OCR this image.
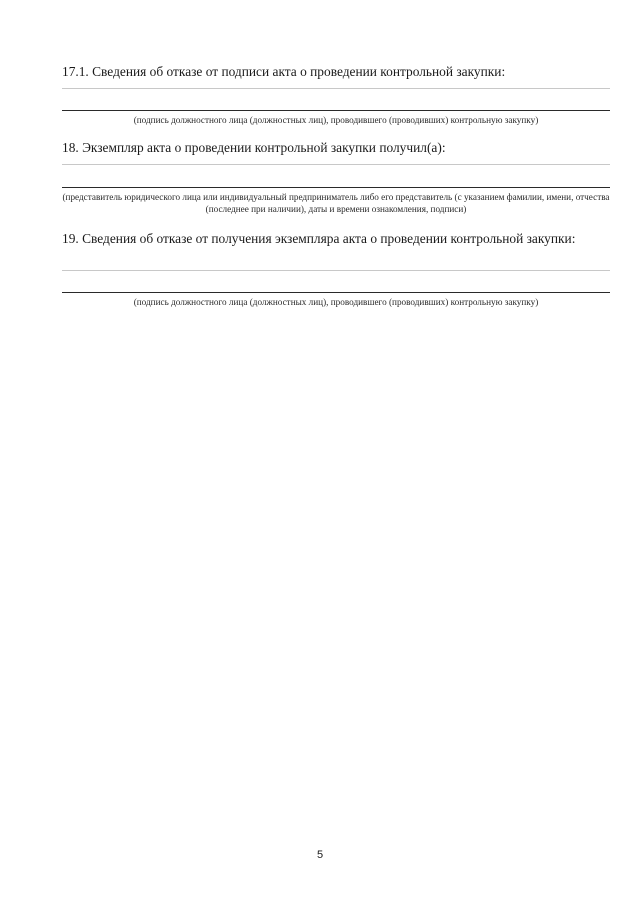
17.1. Сведения об отказе от подписи акта о проведении контрольной закупки:

(подпись должностного лица (должностных лиц), проводившего (проводивших) контрольную закупку)

18. Экземпляр акта о проведении контрольной закупки получил(а):

(представитель юридического лица или индивидуальный предприниматель либо его представитель (с указанием фамилии, имени, отчества (последнее при наличии), даты и времени ознакомления, подписи)

19. Сведения об отказе от получения экземпляра акта о проведении контрольной закупки:

(подпись должностного лица (должностных лиц), проводившего (проводивших) контрольную закупку)

5
